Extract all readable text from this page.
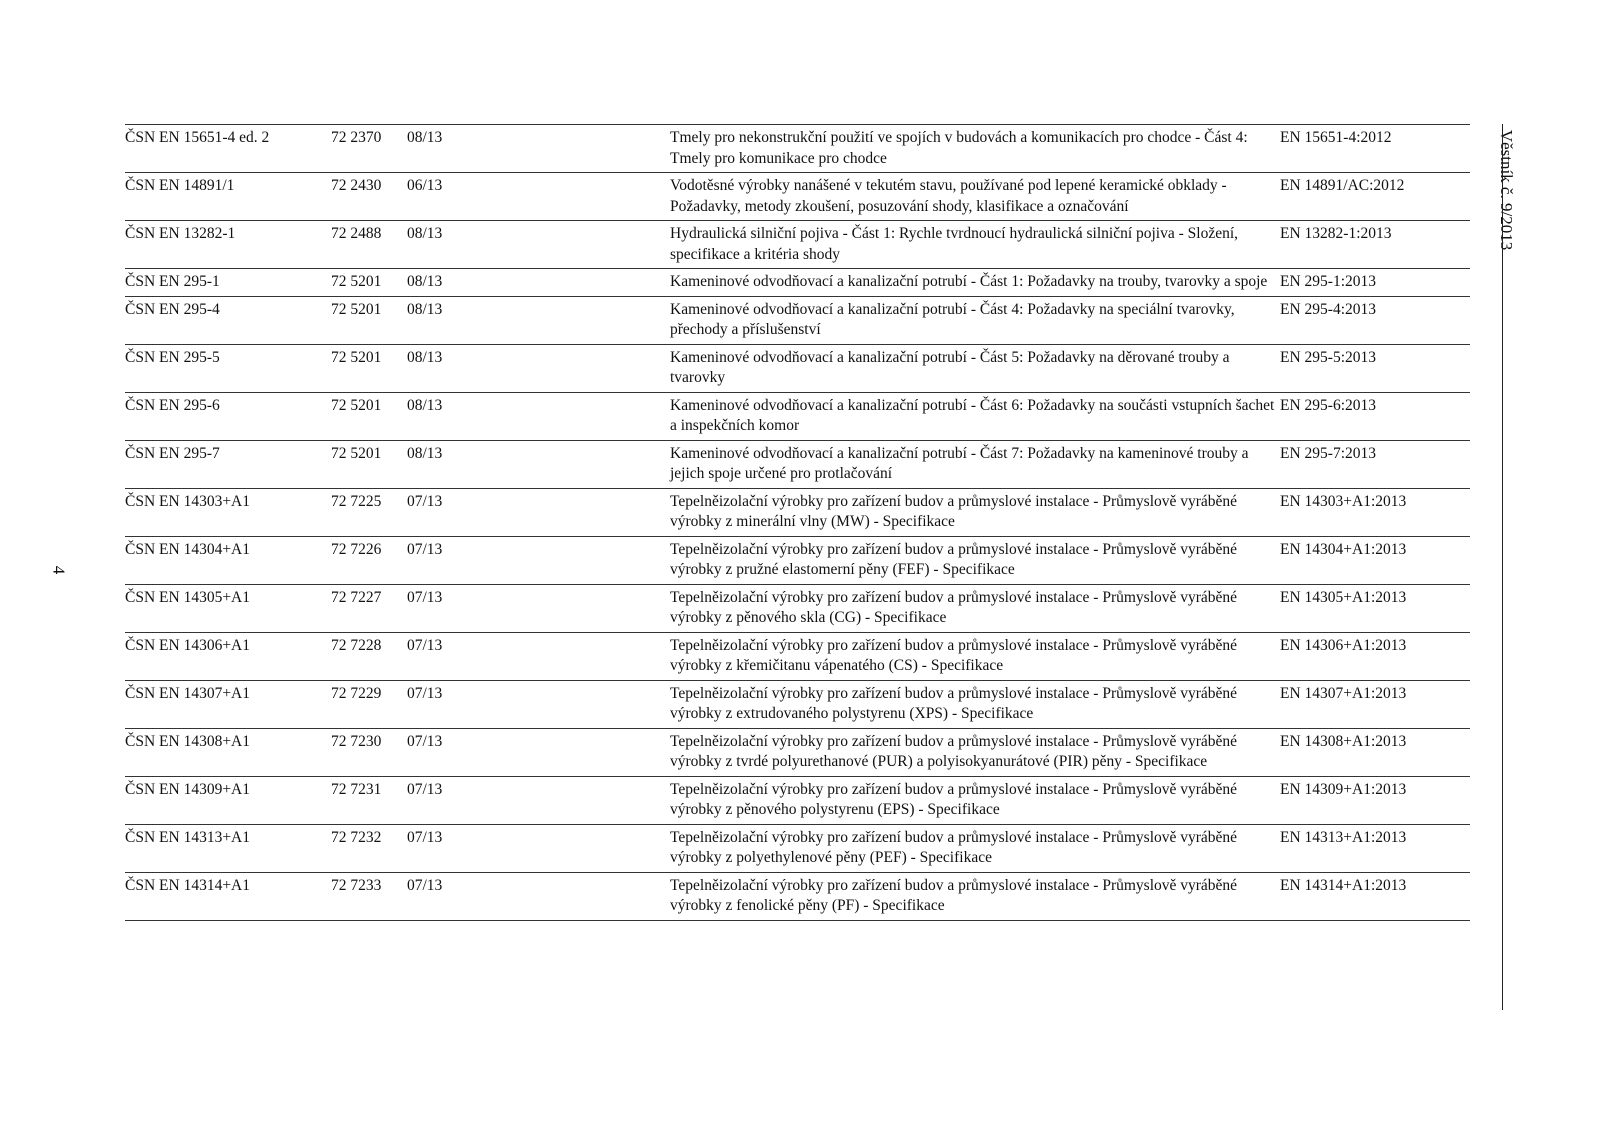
4
Věstník č. 9/2013
ČSN EN 15651-4 ed. 2	72 2370	08/13	Tmely pro nekonstrukční použití ve spojích v budovách a komunikacích pro chodce - Část 4: Tmely pro komunikace pro chodce	EN 15651-4:2012
ČSN EN 14891/1	72 2430	06/13	Vodotěsné výrobky nanášené v tekutém stavu, používané pod lepené keramické obklady - Požadavky, metody zkoušení, posuzování shody, klasifikace a označování	EN 14891/AC:2012
ČSN EN 13282-1	72 2488	08/13	Hydraulická silniční pojiva - Část 1: Rychle tvrdnoucí hydraulická silniční pojiva - Složení, specifikace a kritéria shody	EN 13282-1:2013
ČSN EN 295-1	72 5201	08/13	Kameninové odvodňovací a kanalizační potrubí - Část 1: Požadavky na trouby, tvarovky a spoje	EN 295-1:2013
ČSN EN 295-4	72 5201	08/13	Kameninové odvodňovací a kanalizační potrubí - Část 4: Požadavky na speciální tvarovky, přechody a příslušenství	EN 295-4:2013
ČSN EN 295-5	72 5201	08/13	Kameninové odvodňovací a kanalizační potrubí - Část 5: Požadavky na děrované trouby a tvarovky	EN 295-5:2013
ČSN EN 295-6	72 5201	08/13	Kameninové odvodňovací a kanalizační potrubí - Část 6: Požadavky na součásti vstupních šachet a inspekčních komor	EN 295-6:2013
ČSN EN 295-7	72 5201	08/13	Kameninové odvodňovací a kanalizační potrubí - Část 7: Požadavky na kameninové trouby a jejich spoje určené pro protlačování	EN 295-7:2013
ČSN EN 14303+A1	72 7225	07/13	Tepelněizolační výrobky pro zařízení budov a průmyslové instalace - Průmyslově vyráběné výrobky z minerální vlny (MW) - Specifikace	EN 14303+A1:2013
ČSN EN 14304+A1	72 7226	07/13	Tepelněizolační výrobky pro zařízení budov a průmyslové instalace - Průmyslově vyráběné výrobky z pružné elastomerní pěny (FEF) - Specifikace	EN 14304+A1:2013
ČSN EN 14305+A1	72 7227	07/13	Tepelněizolační výrobky pro zařízení budov a průmyslové instalace - Průmyslově vyráběné výrobky z pěnového skla (CG) - Specifikace	EN 14305+A1:2013
ČSN EN 14306+A1	72 7228	07/13	Tepelněizolační výrobky pro zařízení budov a průmyslové instalace - Průmyslově vyráběné výrobky z křemičitanu vápenatého (CS) - Specifikace	EN 14306+A1:2013
ČSN EN 14307+A1	72 7229	07/13	Tepelněizolační výrobky pro zařízení budov a průmyslové instalace - Průmyslově vyráběné výrobky z extrudovaného polystyrenu (XPS) - Specifikace	EN 14307+A1:2013
ČSN EN 14308+A1	72 7230	07/13	Tepelněizolační výrobky pro zařízení budov a průmyslové instalace - Průmyslově vyráběné výrobky z tvrdé polyurethanové (PUR) a polyisokyanurátové (PIR) pěny - Specifikace	EN 14308+A1:2013
ČSN EN 14309+A1	72 7231	07/13	Tepelněizolační výrobky pro zařízení budov a průmyslové instalace - Průmyslově vyráběné výrobky z pěnového polystyrenu (EPS) - Specifikace	EN 14309+A1:2013
ČSN EN 14313+A1	72 7232	07/13	Tepelněizolační výrobky pro zařízení budov a průmyslové instalace - Průmyslově vyráběné výrobky z polyethylenové pěny (PEF) - Specifikace	EN 14313+A1:2013
ČSN EN 14314+A1	72 7233	07/13	Tepelněizolační výrobky pro zařízení budov a průmyslové instalace - Průmyslově vyráběné výrobky z fenolické pěny (PF) - Specifikace	EN 14314+A1:2013
